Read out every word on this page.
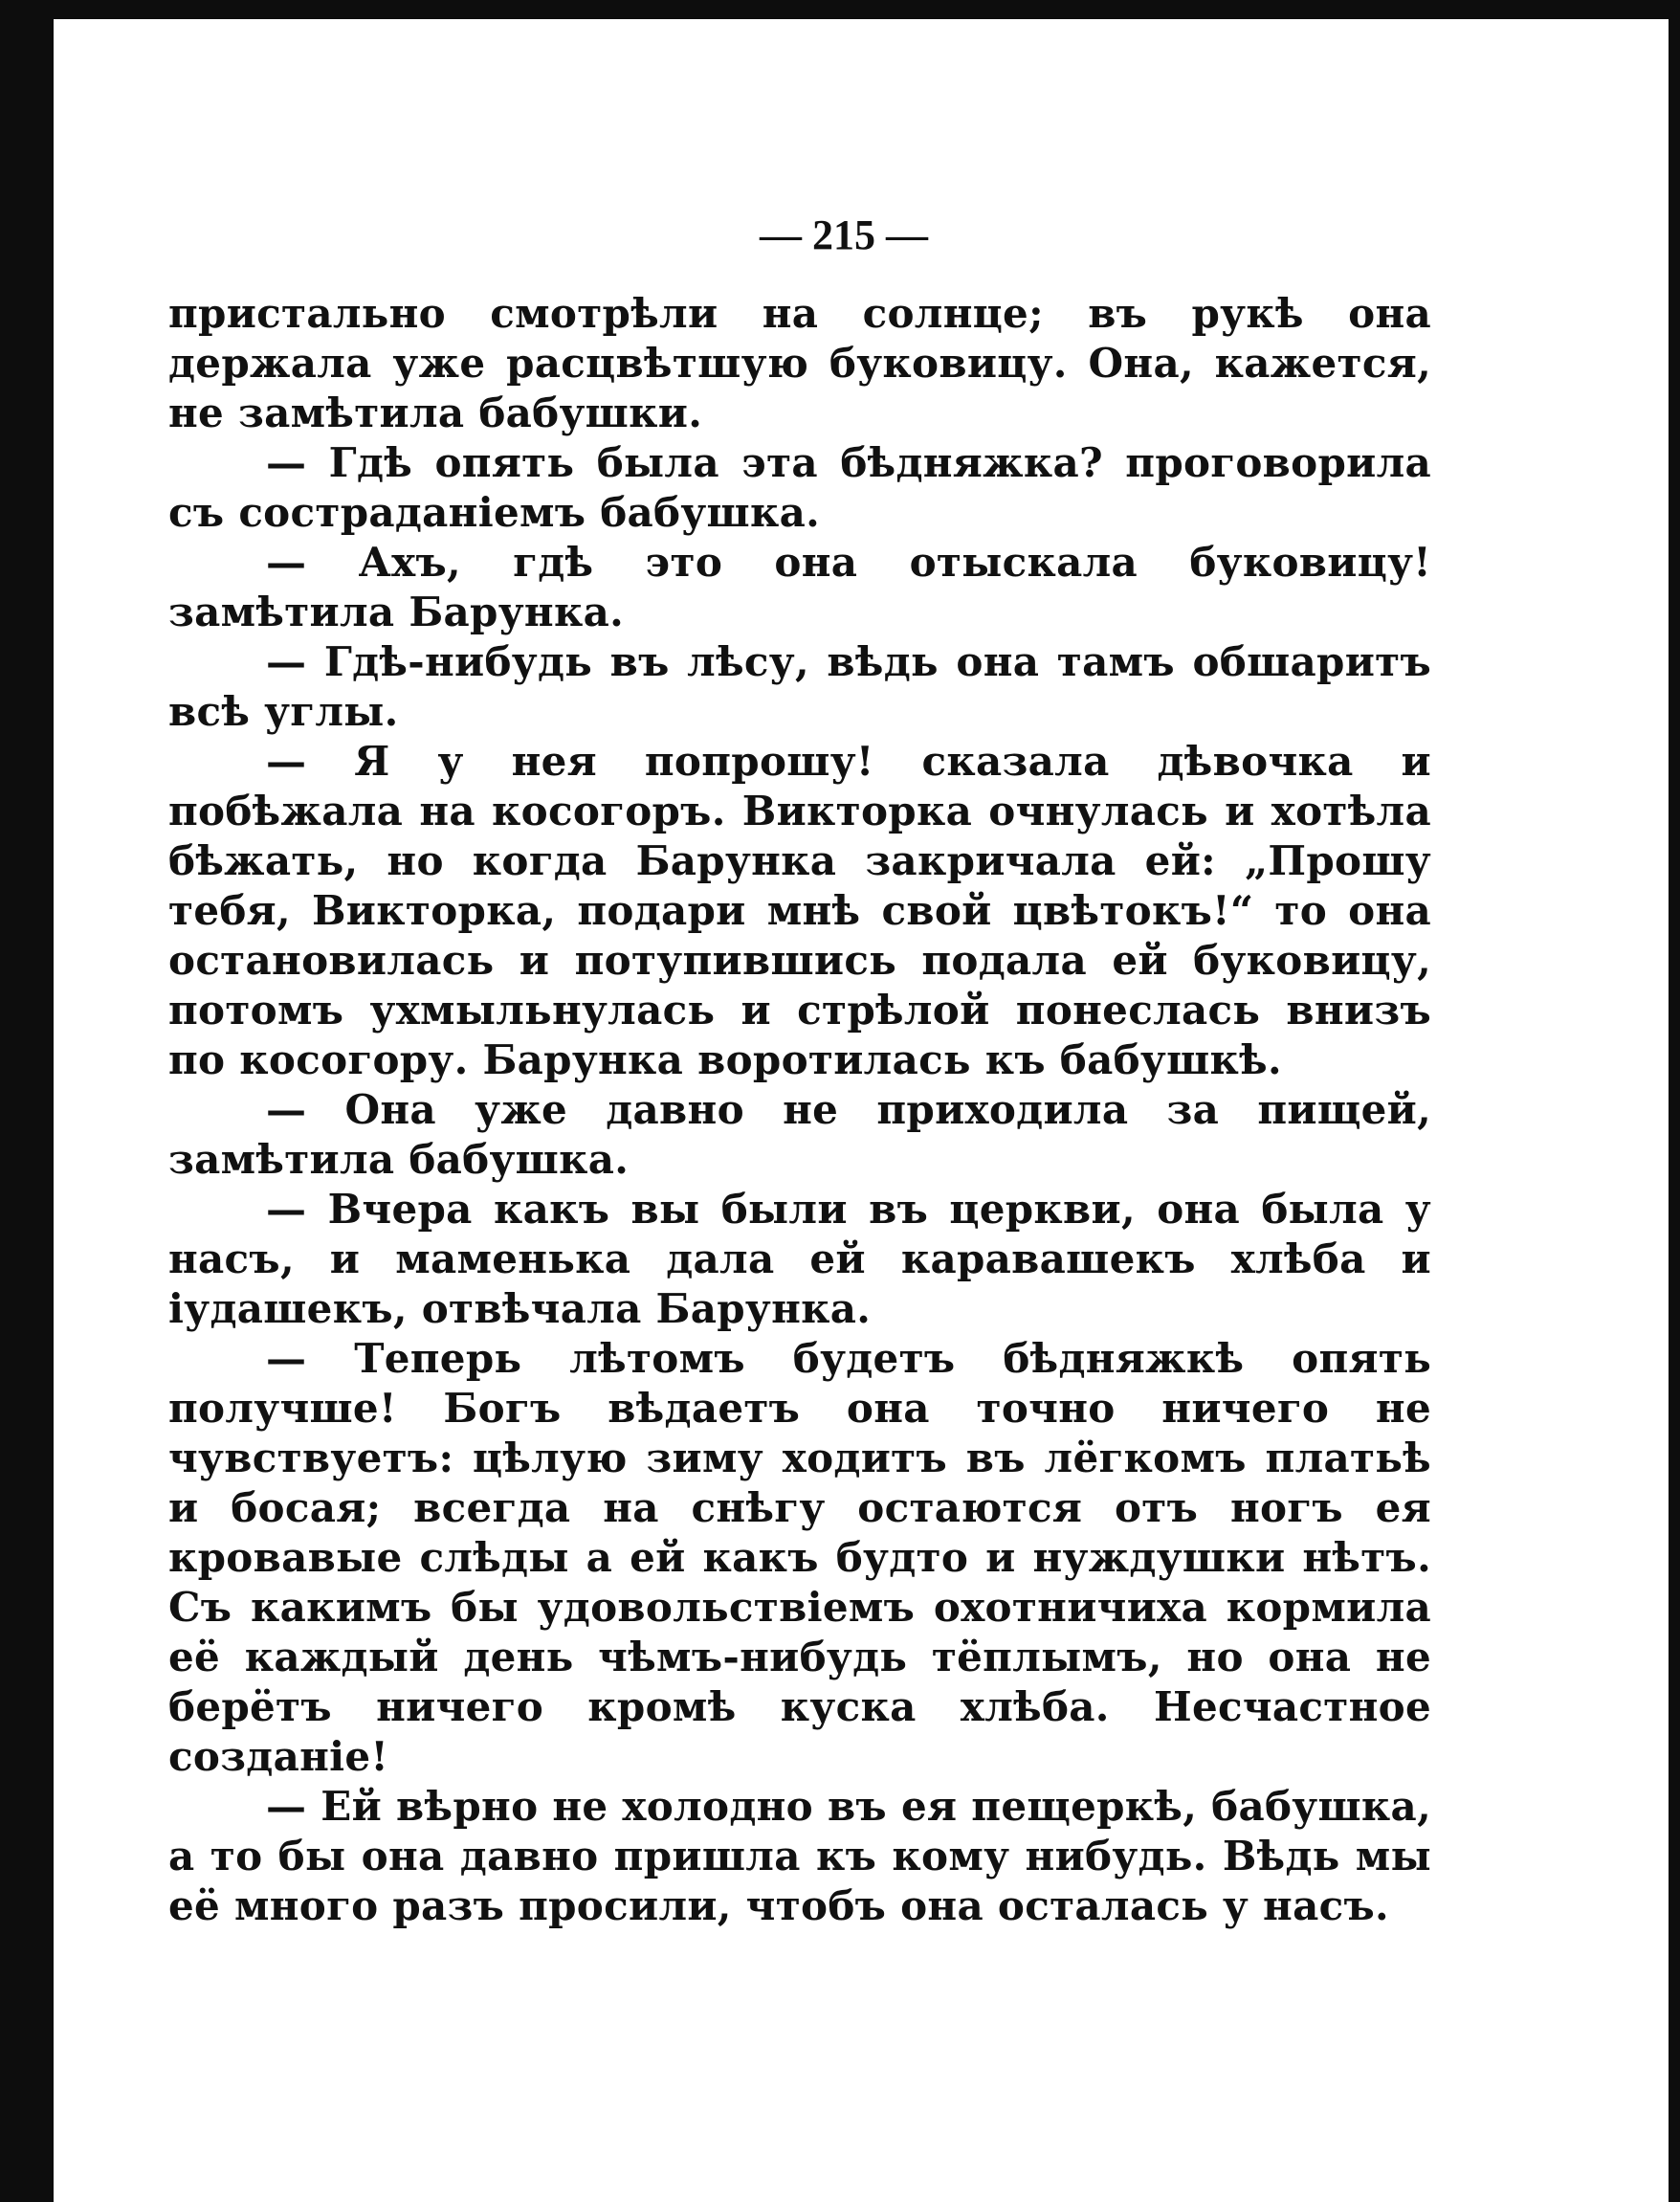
— 215 —

пристально смотрѣли на солнце; въ рукѣ она держала уже расцвѣтшую буковицу. Она, кажется, не замѣтила бабушки.

— Гдѣ опять была эта бѣдняжка? проговорила съ состраданіемъ бабушка.

— Ахъ, гдѣ это она отыскала буковицу! замѣтила Барунка.

— Гдѣ-нибудь въ лѣсу, вѣдь она тамъ обшаритъ всѣ углы.

— Я у нея попрошу! сказала дѣвочка и побѣжала на косогоръ. Викторка очнулась и хотѣла бѣжать, но когда Барунка закричала ей: „Прошу тебя, Викторка, подари мнѣ свой цвѣтокъ!“ то она остановилась и потупившись подала ей буковицу, потомъ ухмыльнулась и стрѣлой понеслась внизъ по косогору. Барунка воротилась къ бабушкѣ.

— Она уже давно не приходила за пищей, замѣтила бабушка.

— Вчера какъ вы были въ церкви, она была у насъ, и маменька дала ей каравашекъ хлѣба и іудашекъ, отвѣчала Барунка.

— Теперь лѣтомъ будетъ бѣдняжкѣ опять получше! Богъ вѣдаетъ она точно ничего не чувствуетъ: цѣлую зиму ходитъ въ лёгкомъ платьѣ и босая; всегда на снѣгу остаются отъ ногъ ея кровавые слѣды а ей какъ будто и нуждушки нѣтъ. Съ какимъ бы удовольствіемъ охотничиха кормила её каждый день чѣмъ-нибудь тёплымъ, но она не берётъ ничего кромѣ куска хлѣба. Несчастное созданіе!

— Ей вѣрно не холодно въ ея пещеркѣ, бабушка, а то бы она давно пришла къ кому нибудь. Вѣдь мы её много разъ просили, чтобъ она осталась у насъ.
